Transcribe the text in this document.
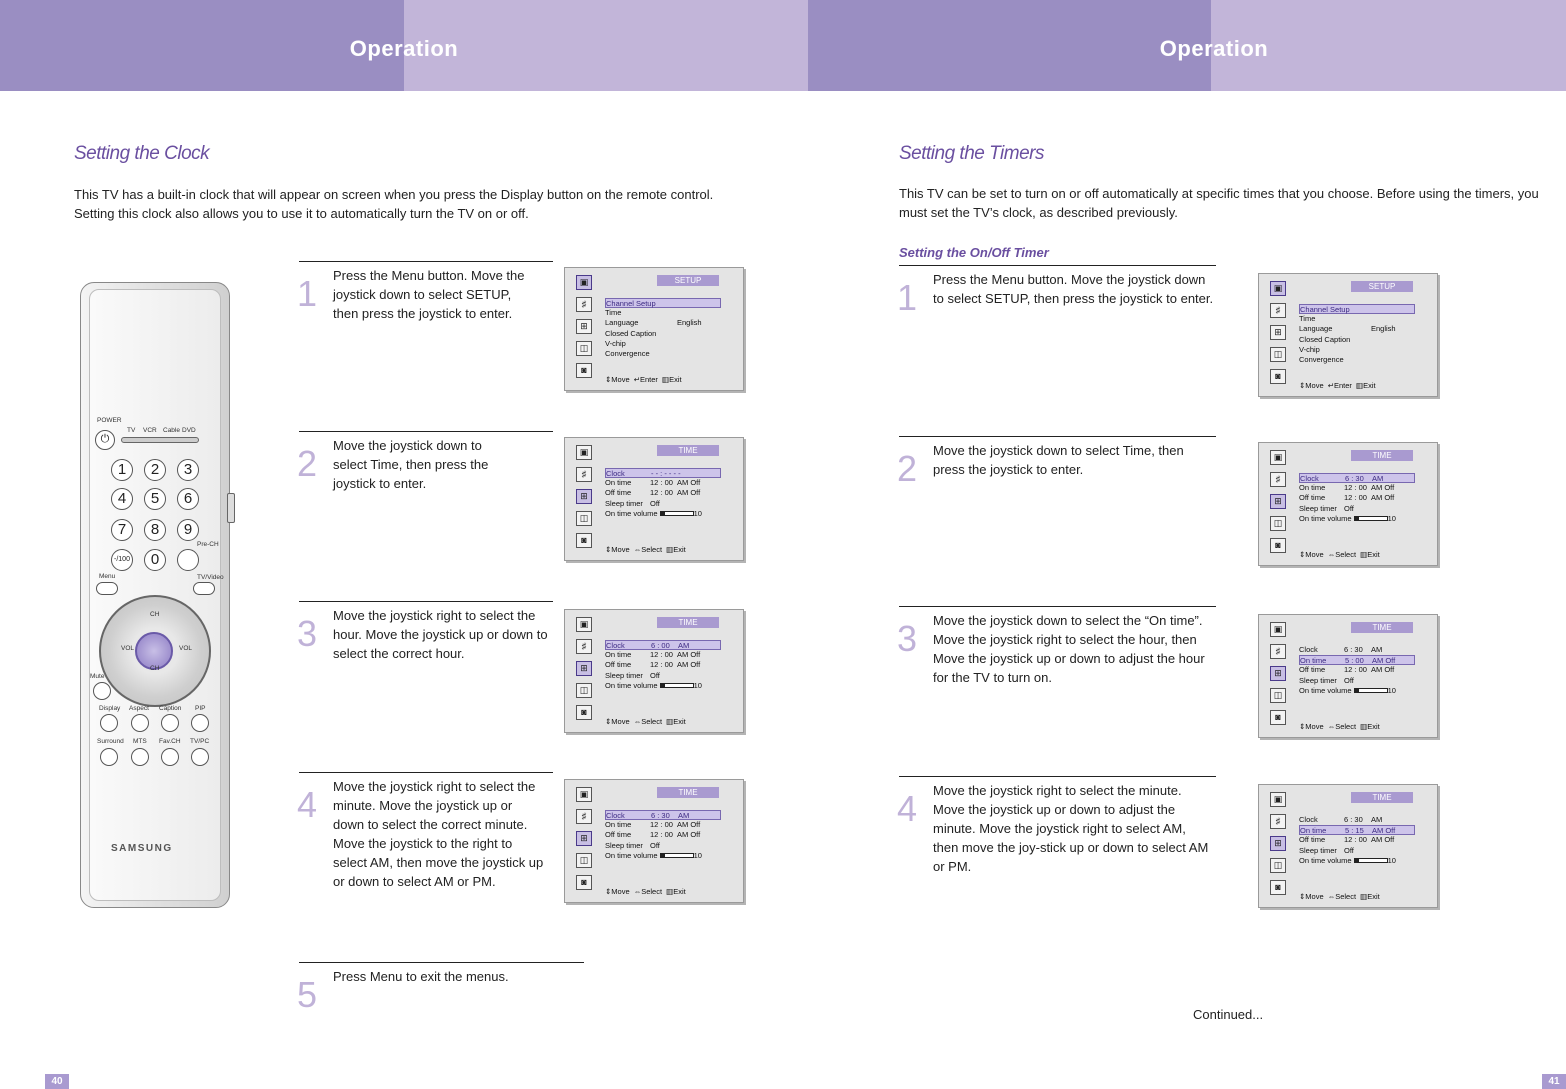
Operation	Operation
Setting the Clock
This TV has a built-in clock that will appear on screen when you press the Display button on the remote control. Setting this clock also allows you to use it to automatically turn the TV on or off.
POWER
⏻
TV VCR Cable DVD
1	2	3
4	5	6
7	8	9
-/100	0
Pre-CH
Menu	TV/Video
CH
CH
VOL	VOL
Mute
Display Aspect Caption PIP
Surround MTS Fav.CH TV/PC
SAMSUNG
1 Press the Menu button. Move the joystick down to select SETUP, then press the joystick to enter.
2 Move the joystick down to select Time, then press the joystick to enter.
3 Move the joystick right to select the hour. Move the joystick up or down to select the correct hour.
4 Move the joystick right to select the minute. Move the joystick up or down to select the correct minute. Move the joystick to the right to select AM, then move the joystick up or down to select AM or PM.
5 Press Menu to exit the menus.
▣
♯
⊞
◫
◙
SETUP
Channel Setup
Time
Language	English
Closed Caption
V-chip
Convergence
⇕Move ↵Enter ▥Exit
▣
♯
⊞
◫
◙
TIME
Clock	- - : - - - -
On time 12 : 00 AM Off
Off time	12 : 00 AM Off
Sleep timer Off
On time volume	10
⇕Move ⇔Select ▥Exit
▣
♯
⊞
◫
◙
TIME
Clock	6 : 00 AM
On time 12 : 00 AM Off
Off time	12 : 00 AM Off
Sleep timer Off
On time volume	10
⇕Move ⇔Select ▥Exit
▣
♯
⊞
◫
◙
TIME
Clock	6 : 30 AM
On time 12 : 00 AM Off
Off time	12 : 00 AM Off
Sleep timer Off
On time volume	10
⇕Move ⇔Select ▥Exit
40
Setting the Timers
This TV can be set to turn on or off automatically at specific times that you choose. Before using the timers, you must set the TV’s clock, as described previously.
Setting the On/Off Timer
1 Press the Menu button. Move the joystick down to select SETUP, then press the joystick to enter.
2 Move the joystick down to select Time, then press the joystick to enter.
3 Move the joystick down to select the “On time”. Move the joystick right to select the hour, then Move the joystick up or down to adjust the hour for the TV to turn on.
4 Move the joystick right to select the minute. Move the joystick up or down to adjust the minute. Move the joystick right to select AM, then move the joy-stick up or down to select AM or PM.
▣
♯
⊞
◫
◙
SETUP
Channel Setup
Time
Language	English
Closed Caption
V-chip
Convergence
⇕Move ↵Enter ▥Exit
▣
♯
⊞
◫
◙
TIME
Clock	6 : 30 AM
On time 12 : 00 AM Off
Off time	12 : 00 AM Off
Sleep timer Off
On time volume	10
⇕Move ⇔Select ▥Exit
▣
♯
⊞
◫
◙
TIME
Clock	6 : 30 AM
On time 5 : 00 AM Off
Off time	12 : 00 AM Off
Sleep timer Off
On time volume	10
⇕Move ⇔Select ▥Exit
▣
♯
⊞
◫
◙
TIME
Clock	6 : 30 AM
On time 5 : 15 AM Off
Off time	12 : 00 AM Off
Sleep timer Off
On time volume	10
⇕Move ⇔Select ▥Exit
Continued...
41
